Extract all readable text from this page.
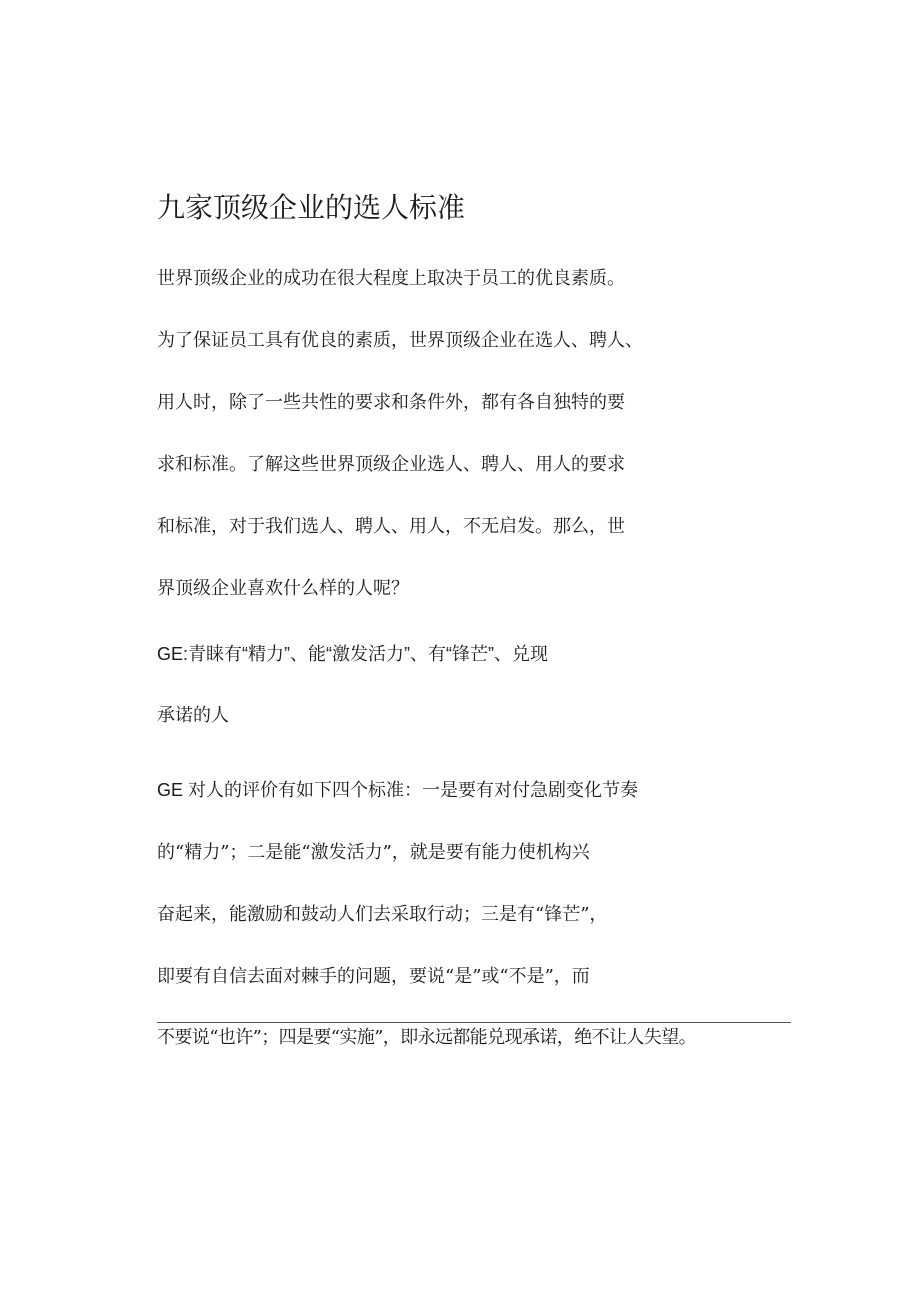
九家顶级企业的选人标准
世界顶级企业的成功在很大程度上取决于员工的优良素质。
为了保证员工具有优良的素质，世界顶级企业在选人、聘人、
用人时，除了一些共性的要求和条件外，都有各自独特的要
求和标准。了解这些世界顶级企业选人、聘人、用人的要求
和标准，对于我们选人、聘人、用人，不无启发。那么，世
界顶级企业喜欢什么样的人呢？
GE:青睐有“精力”、能“激发活力”、有“锋芒”、兑现
承诺的人
GE 对人的评价有如下四个标准：一是要有对付急剧变化节奏
的“精力”；二是能“激发活力”，就是要有能力使机构兴
奋起来，能激励和鼓动人们去采取行动；三是有“锋芒”，
即要有自信去面对棘手的问题，要说“是”或“不是”，而
不要说“也许”；四是要“实施”，即永远都能兑现承诺，绝不让人失望。
